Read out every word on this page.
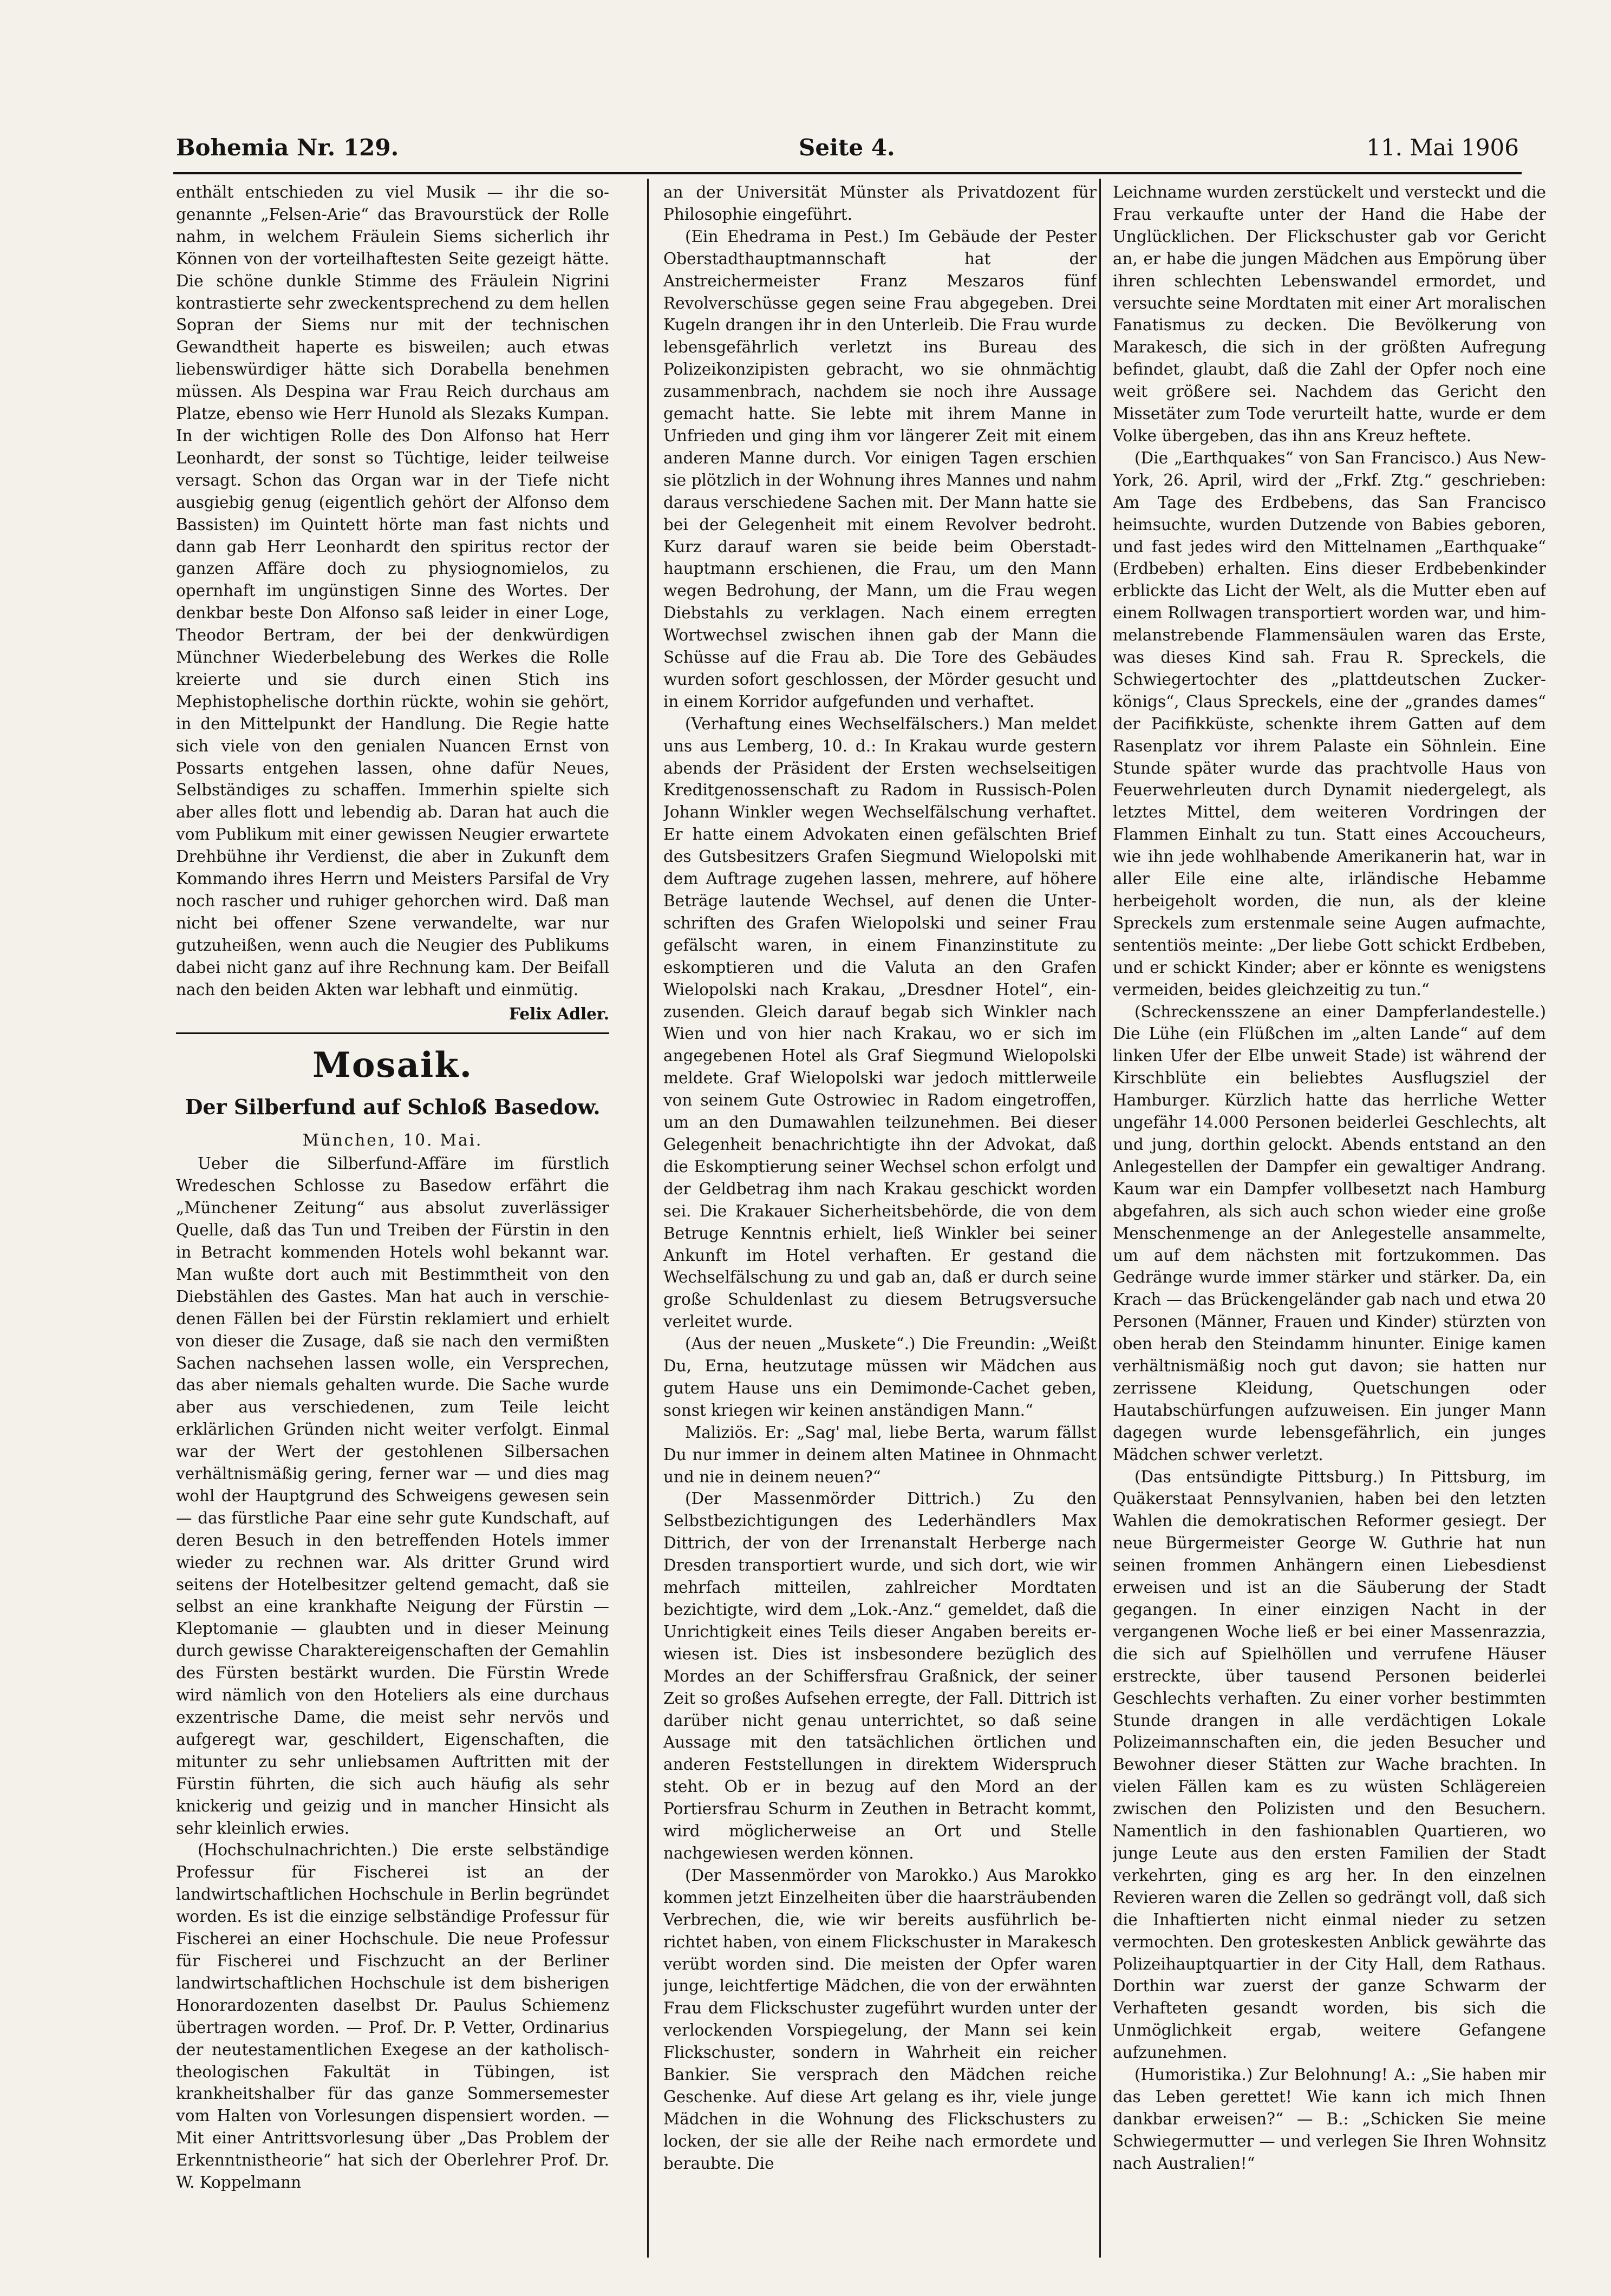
Bohemia Nr. 129.	Seite 4.	11. Mai 1906

enthält entschieden zu viel Musik — ihr die sogenannte „Felsen-Arie“ das Bravourstück der Rolle nahm, in welchem Fräulein Siems sicherlich ihr Können von der vorteilhaftesten Seite gezeigt hätte. Die schöne dunkle Stimme des Fräulein Nigrini kontrastierte sehr zweckentsprechend zu dem hellen Sopran der Siems nur mit der technischen Gewandtheit haperte es bisweilen; auch etwas liebenswürdiger hätte sich Dorabella benehmen müssen. Als Despina war Frau Reich durchaus am Platze, ebenso wie Herr Hunold als Slezaks Kumpan. In der wichtigen Rolle des Don Alfonso hat Herr Leonhardt, der sonst so Tüchtige, leider teilweise versagt. Schon das Organ war in der Tiefe nicht ausgiebig genug (eigentlich gehört der Alfonso dem Bassisten) im Quintett hörte man fast nichts und dann gab Herr Leonhardt den spiritus rector der ganzen Affäre doch zu physiognomielos, zu opernhaft im ungünstigen Sinne des Wortes. Der denkbar beste Don Alfonso saß leider in einer Loge, Theodor Bertram, der bei der denkwürdigen Münchner Wiederbelebung des Werkes die Rolle kreierte und sie durch einen Stich ins Mephistophelische dorthin rückte, wohin sie gehört, in den Mittelpunkt der Handlung. Die Regie hatte sich viele von den genialen Nuancen Ernst von Possarts entgehen lassen, ohne dafür Neues, Selbständiges zu schaffen. Immerhin spielte sich aber alles flott und lebendig ab. Daran hat auch die vom Publikum mit einer gewissen Neugier erwartete Drehbühne ihr Verdienst, die aber in Zukunft dem Kommando ihres Herrn und Meisters Parsifal de Vry noch rascher und ruhiger gehorchen wird. Daß man nicht bei offener Szene verwandelte, war nur gutzuheißen, wenn auch die Neugier des Publikums dabei nicht ganz auf ihre Rechnung kam. Der Beifall nach den beiden Akten war lebhaft und einmütig.

Felix Adler.
Mosaik.
Der Silberfund auf Schloß Basedow.
München, 10. Mai.

Ueber die Silberfund-Affäre im fürstlich Wredeschen Schlosse zu Basedow erfährt die „Münchener Zeitung“ aus absolut zuverlässiger Quelle, daß das Tun und Treiben der Fürstin in den in Betracht kommenden Hotels wohl bekannt war. Man wußte dort auch mit Bestimmtheit von den Diebstählen des Gastes. Man hat auch in verschiedenen Fällen bei der Fürstin reklamiert und erhielt von dieser die Zusage, daß sie nach den vermißten Sachen nachsehen lassen wolle, ein Versprechen, das aber niemals gehalten wurde. Die Sache wurde aber aus verschiedenen, zum Teile leicht erklärlichen Gründen nicht weiter verfolgt. Einmal war der Wert der gestohlenen Silbersachen verhältnismäßig gering, ferner war — und dies mag wohl der Hauptgrund des Schweigens gewesen sein — das fürstliche Paar eine sehr gute Kundschaft, auf deren Besuch in den betreffenden Hotels immer wieder zu rechnen war. Als dritter Grund wird seitens der Hotelbesitzer geltend gemacht, daß sie selbst an eine krankhafte Neigung der Fürstin — Kleptomanie — glaubten und in dieser Meinung durch gewisse Charaktereigenschaften der Gemahlin des Fürsten bestärkt wurden. Die Fürstin Wrede wird nämlich von den Hoteliers als eine durchaus exzentrische Dame, die meist sehr nervös und aufgeregt war, geschildert, Eigenschaften, die mitunter zu sehr unliebsamen Auftritten mit der Fürstin führten, die sich auch häufig als sehr knickerig und geizig und in mancher Hinsicht als sehr kleinlich erwies.

(Hochschulnachrichten.) Die erste selbständige Professur für Fischerei ist an der landwirtschaftlichen Hochschule in Berlin begründet worden. Es ist die einzige selbständige Professur für Fischerei an einer Hochschule. Die neue Professur für Fischerei und Fischzucht an der Berliner landwirtschaftlichen Hochschule ist dem bisherigen Honorardozenten daselbst Dr. Paulus Schiemenz übertragen worden. — Prof. Dr. P. Vetter, Ordinarius der neutestamentlichen Exegese an der katholisch-theologischen Fakultät in Tübingen, ist krankheitshalber für das ganze Sommersemester vom Halten von Vorlesungen dispensiert worden. — Mit einer Antrittsvorlesung über „Das Problem der Erkenntnistheorie“ hat sich der Oberlehrer Prof. Dr. W. Koppelmann

an der Universität Münster als Privatdozent für Philosophie eingeführt.

(Ein Ehedrama in Pest.) Im Gebäude der Pester Oberstadthauptmannschaft hat der Anstreichermeister Franz Meszaros fünf Revolverschüsse gegen seine Frau abgegeben. Drei Kugeln drangen ihr in den Unterleib. Die Frau wurde lebensgefährlich verletzt ins Bureau des Polizeikonzipisten gebracht, wo sie ohnmächtig zusammenbrach, nachdem sie noch ihre Aussage gemacht hatte. Sie lebte mit ihrem Manne in Unfrieden und ging ihm vor längerer Zeit mit einem anderen Manne durch. Vor einigen Tagen erschien sie plötzlich in der Wohnung ihres Mannes und nahm daraus verschiedene Sachen mit. Der Mann hatte sie bei der Gelegenheit mit einem Revolver bedroht. Kurz darauf waren sie beide beim Oberstadthauptmann erschienen, die Frau, um den Mann wegen Bedrohung, der Mann, um die Frau wegen Diebstahls zu verklagen. Nach einem erregten Wortwechsel zwischen ihnen gab der Mann die Schüsse auf die Frau ab. Die Tore des Gebäudes wurden sofort geschlossen, der Mörder gesucht und in einem Korridor aufgefunden und verhaftet.

(Verhaftung eines Wechselfälschers.) Man meldet uns aus Lemberg, 10. d.: In Krakau wurde gestern abends der Präsident der Ersten wechselseitigen Kreditgenossenschaft zu Radom in Russisch-Polen Johann Winkler wegen Wechselfälschung verhaftet. Er hatte einem Advokaten einen gefälschten Brief des Gutsbesitzers Grafen Siegmund Wielopolski mit dem Auftrage zugehen lassen, mehrere, auf höhere Beträge lautende Wechsel, auf denen die Unterschriften des Grafen Wielopolski und seiner Frau gefälscht waren, in einem Finanzinstitute zu eskomptieren und die Valuta an den Grafen Wielopolski nach Krakau, „Dresdner Hotel“, einzusenden. Gleich darauf begab sich Winkler nach Wien und von hier nach Krakau, wo er sich im angegebenen Hotel als Graf Siegmund Wielopolski meldete. Graf Wielopolski war jedoch mittlerweile von seinem Gute Ostrowiec in Radom eingetroffen, um an den Dumawahlen teilzunehmen. Bei dieser Gelegenheit benachrichtigte ihn der Advokat, daß die Eskomptierung seiner Wechsel schon erfolgt und der Geldbetrag ihm nach Krakau geschickt worden sei. Die Krakauer Sicherheitsbehörde, die von dem Betruge Kenntnis erhielt, ließ Winkler bei seiner Ankunft im Hotel verhaften. Er gestand die Wechselfälschung zu und gab an, daß er durch seine große Schuldenlast zu diesem Betrugsversuche verleitet wurde.

(Aus der neuen „Muskete“.) Die Freundin: „Weißt Du, Erna, heutzutage müssen wir Mädchen aus gutem Hause uns ein Demimonde-Cachet geben, sonst kriegen wir keinen anständigen Mann.“

Maliziös. Er: „Sag' mal, liebe Berta, warum fällst Du nur immer in deinem alten Matinee in Ohnmacht und nie in deinem neuen?“

(Der Massenmörder Dittrich.) Zu den Selbstbezichtigungen des Lederhändlers Max Dittrich, der von der Irrenanstalt Herberge nach Dresden transportiert wurde, und sich dort, wie wir mehrfach mitteilen, zahlreicher Mordtaten bezichtigte, wird dem „Lok.-Anz.“ gemeldet, daß die Unrichtigkeit eines Teils dieser Angaben bereits erwiesen ist. Dies ist insbesondere bezüglich des Mordes an der Schiffersfrau Graßnick, der seiner Zeit so großes Aufsehen erregte, der Fall. Dittrich ist darüber nicht genau unterrichtet, so daß seine Aussage mit den tatsächlichen örtlichen und anderen Feststellungen in direktem Widerspruch steht. Ob er in bezug auf den Mord an der Portiersfrau Schurm in Zeuthen in Betracht kommt, wird möglicherweise an Ort und Stelle nachgewiesen werden können.

(Der Massenmörder von Marokko.) Aus Marokko kommen jetzt Einzelheiten über die haarsträubenden Verbrechen, die, wie wir bereits ausführlich berichtet haben, von einem Flickschuster in Marakesch verübt worden sind. Die meisten der Opfer waren junge, leichtfertige Mädchen, die von der erwähnten Frau dem Flickschuster zugeführt wurden unter der verlockenden Vorspiegelung, der Mann sei kein Flickschuster, sondern in Wahrheit ein reicher Bankier. Sie versprach den Mädchen reiche Geschenke. Auf diese Art gelang es ihr, viele junge Mädchen in die Wohnung des Flickschusters zu locken, der sie alle der Reihe nach ermordete und beraubte. Die

Leichname wurden zerstückelt und versteckt und die Frau verkaufte unter der Hand die Habe der Unglücklichen. Der Flickschuster gab vor Gericht an, er habe die jungen Mädchen aus Empörung über ihren schlechten Lebenswandel ermordet, und versuchte seine Mordtaten mit einer Art moralischen Fanatismus zu decken. Die Bevölkerung von Marakesch, die sich in der größten Aufregung befindet, glaubt, daß die Zahl der Opfer noch eine weit größere sei. Nachdem das Gericht den Missetäter zum Tode verurteilt hatte, wurde er dem Volke übergeben, das ihn ans Kreuz heftete.

(Die „Earthquakes“ von San Francisco.) Aus New-York, 26. April, wird der „Frkf. Ztg.“ geschrieben: Am Tage des Erdbebens, das San Francisco heimsuchte, wurden Dutzende von Babies geboren, und fast jedes wird den Mittelnamen „Earthquake“ (Erdbeben) erhalten. Eins dieser Erdbebenkinder erblickte das Licht der Welt, als die Mutter eben auf einem Rollwagen transportiert worden war, und himmelanstrebende Flammensäulen waren das Erste, was dieses Kind sah. Frau R. Spreckels, die Schwiegertochter des „plattdeutschen Zuckerkönigs“, Claus Spreckels, eine der „grandes dames“ der Pacifikküste, schenkte ihrem Gatten auf dem Rasenplatz vor ihrem Palaste ein Söhnlein. Eine Stunde später wurde das prachtvolle Haus von Feuerwehrleuten durch Dynamit niedergelegt, als letztes Mittel, dem weiteren Vordringen der Flammen Einhalt zu tun. Statt eines Accoucheurs, wie ihn jede wohlhabende Amerikanerin hat, war in aller Eile eine alte, irländische Hebamme herbeigeholt worden, die nun, als der kleine Spreckels zum erstenmale seine Augen aufmachte, sententiös meinte: „Der liebe Gott schickt Erdbeben, und er schickt Kinder; aber er könnte es wenigstens vermeiden, beides gleichzeitig zu tun.“

(Schreckensszene an einer Dampferlandestelle.) Die Lühe (ein Flüßchen im „alten Lande“ auf dem linken Ufer der Elbe unweit Stade) ist während der Kirschblüte ein beliebtes Ausflugsziel der Hamburger. Kürzlich hatte das herrliche Wetter ungefähr 14.000 Personen beiderlei Geschlechts, alt und jung, dorthin gelockt. Abends entstand an den Anlegestellen der Dampfer ein gewaltiger Andrang. Kaum war ein Dampfer vollbesetzt nach Hamburg abgefahren, als sich auch schon wieder eine große Menschenmenge an der Anlegestelle ansammelte, um auf dem nächsten mit fortzukommen. Das Gedränge wurde immer stärker und stärker. Da, ein Krach — das Brückengeländer gab nach und etwa 20 Personen (Männer, Frauen und Kinder) stürzten von oben herab den Steindamm hinunter. Einige kamen verhältnismäßig noch gut davon; sie hatten nur zerrissene Kleidung, Quetschungen oder Hautabschürfungen aufzuweisen. Ein junger Mann dagegen wurde lebensgefährlich, ein junges Mädchen schwer verletzt.

(Das entsündigte Pittsburg.) In Pittsburg, im Quäkerstaat Pennsylvanien, haben bei den letzten Wahlen die demokratischen Reformer gesiegt. Der neue Bürgermeister George W. Guthrie hat nun seinen frommen Anhängern einen Liebesdienst erweisen und ist an die Säuberung der Stadt gegangen. In einer einzigen Nacht in der vergangenen Woche ließ er bei einer Massenrazzia, die sich auf Spielhöllen und verrufene Häuser erstreckte, über tausend Personen beiderlei Geschlechts verhaften. Zu einer vorher bestimmten Stunde drangen in alle verdächtigen Lokale Polizeimannschaften ein, die jeden Besucher und Bewohner dieser Stätten zur Wache brachten. In vielen Fällen kam es zu wüsten Schlägereien zwischen den Polizisten und den Besuchern. Namentlich in den fashionablen Quartieren, wo junge Leute aus den ersten Familien der Stadt verkehrten, ging es arg her. In den einzelnen Revieren waren die Zellen so gedrängt voll, daß sich die Inhaftierten nicht einmal nieder zu setzen vermochten. Den groteskesten Anblick gewährte das Polizeihauptquartier in der City Hall, dem Rathaus. Dorthin war zuerst der ganze Schwarm der Verhafteten gesandt worden, bis sich die Unmöglichkeit ergab, weitere Gefangene aufzunehmen.

(Humoristika.) Zur Belohnung! A.: „Sie haben mir das Leben gerettet! Wie kann ich mich Ihnen dankbar erweisen?“ — B.: „Schicken Sie meine Schwiegermutter — und verlegen Sie Ihren Wohnsitz nach Australien!“
